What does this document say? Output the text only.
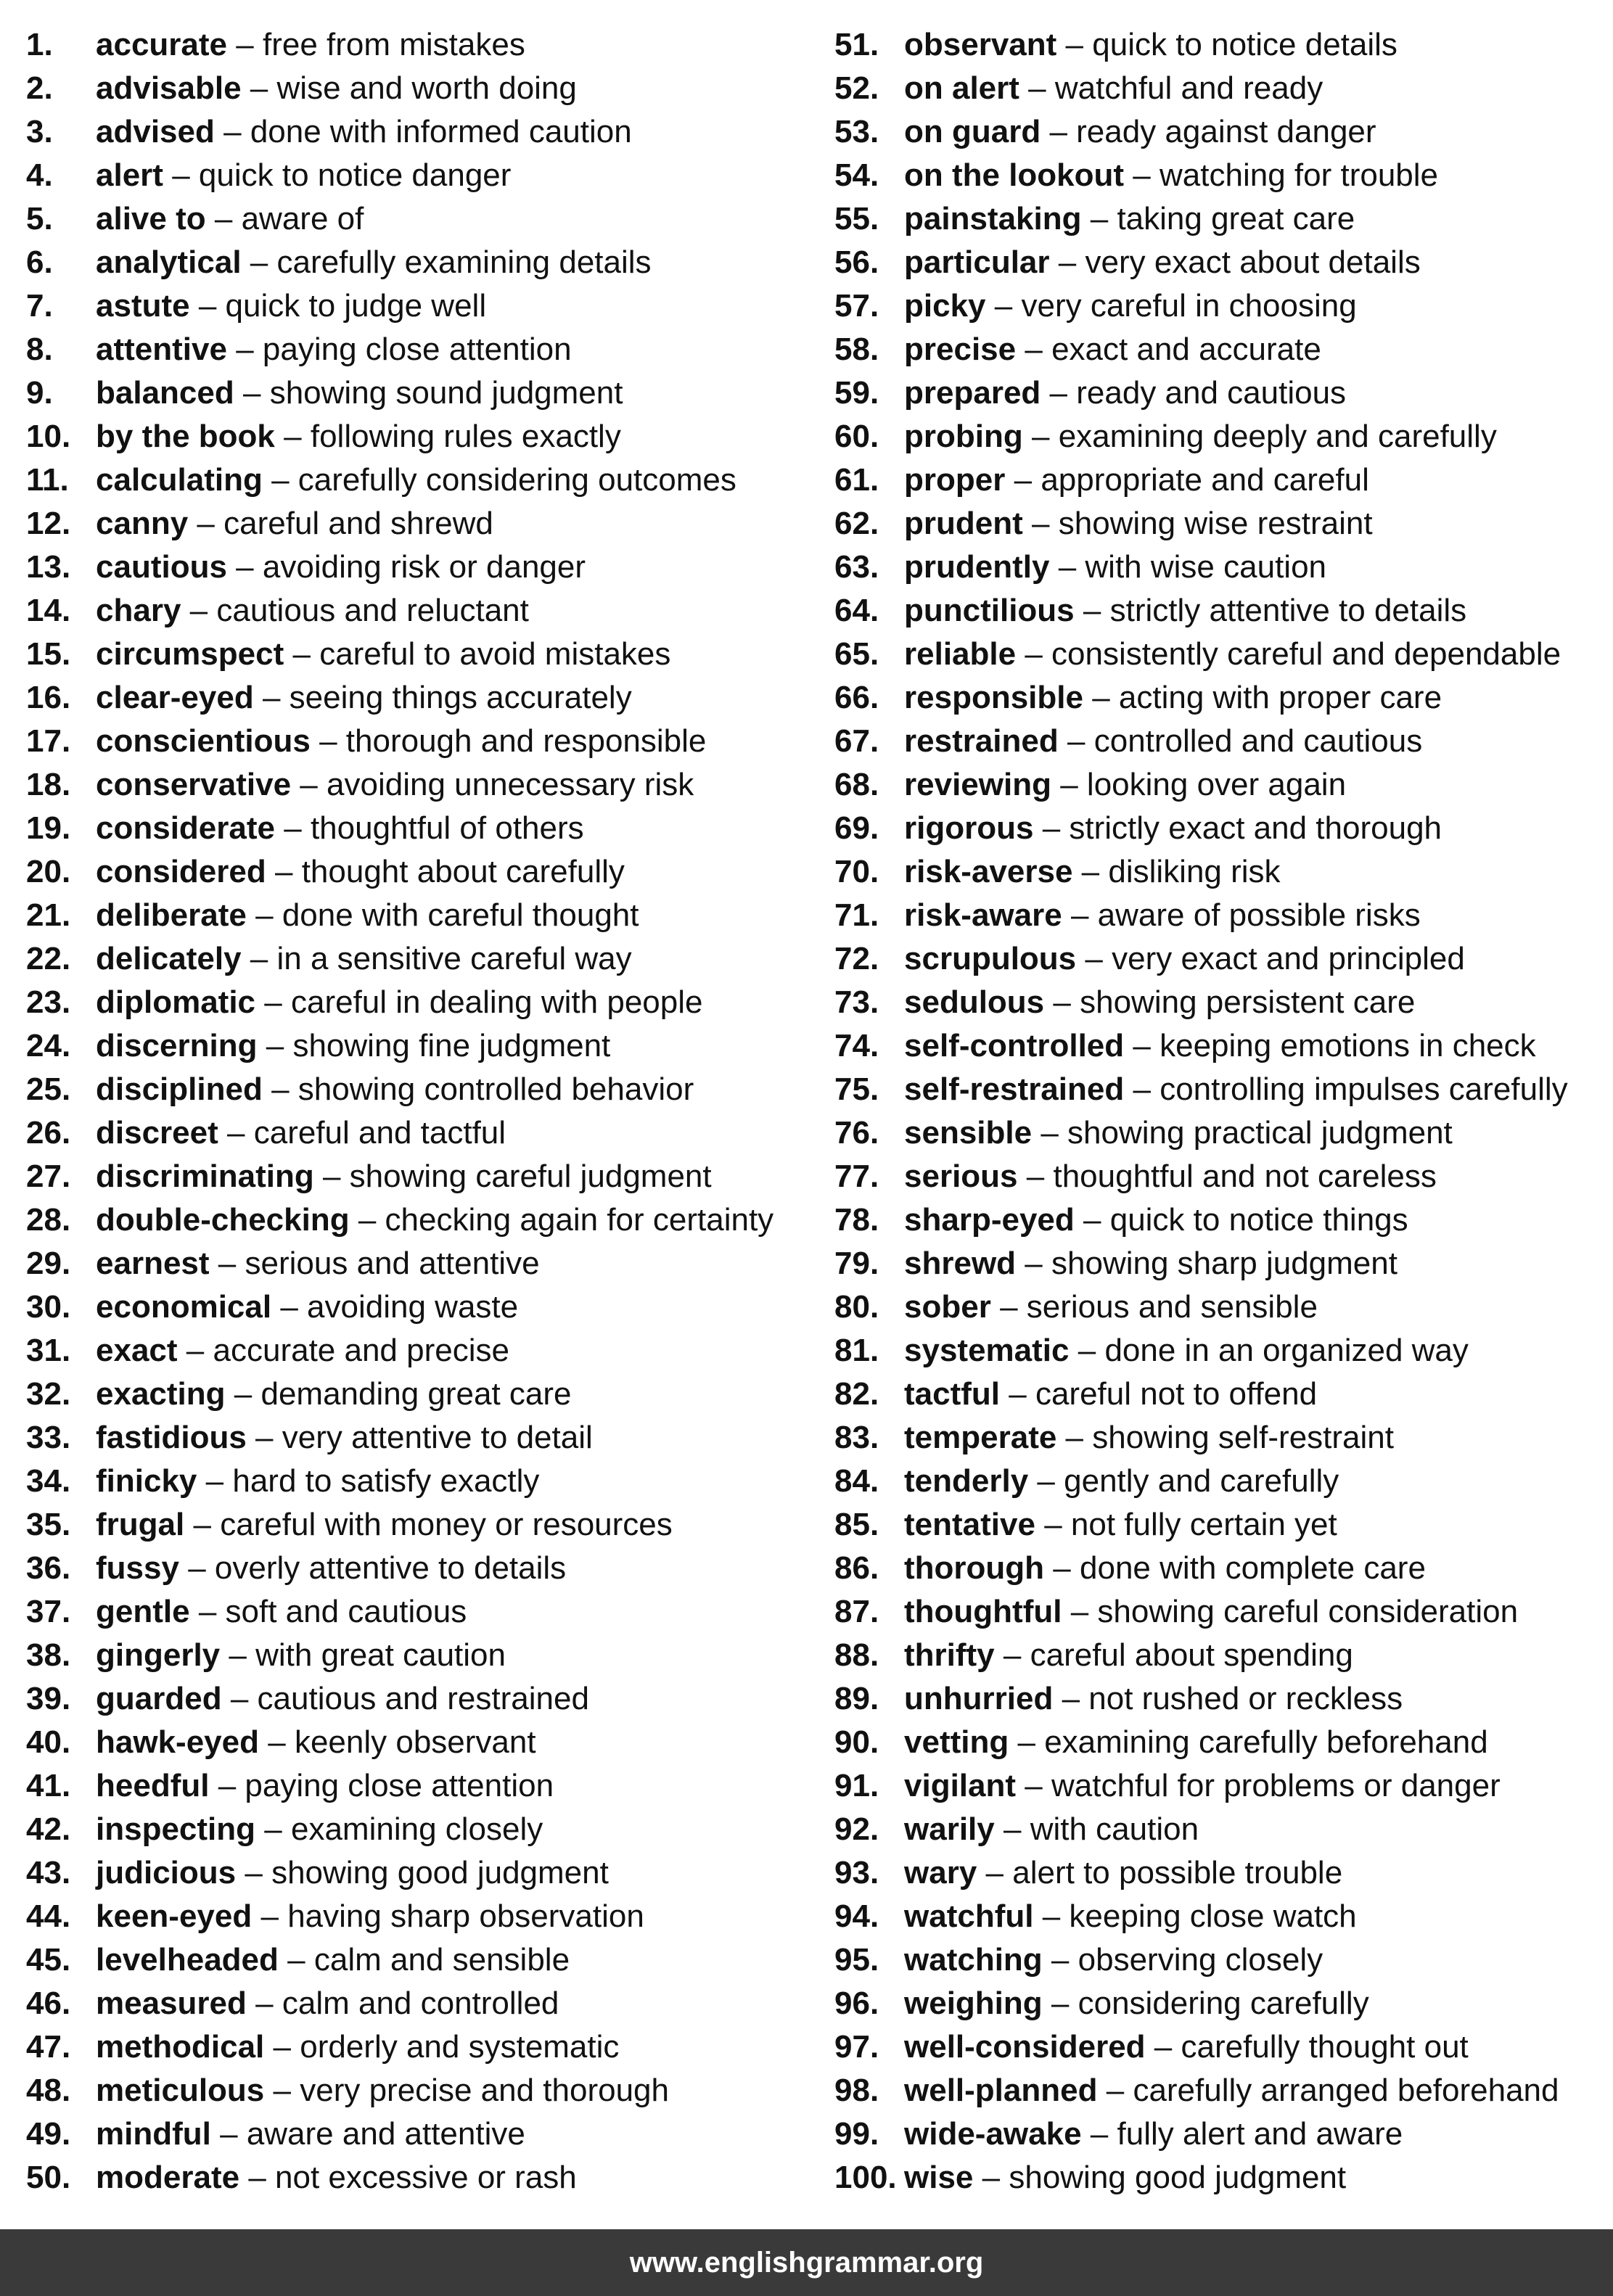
1. accurate – free from mistakes
2. advisable – wise and worth doing
3. advised – done with informed caution
4. alert – quick to notice danger
5. alive to – aware of
6. analytical – carefully examining details
7. astute – quick to judge well
8. attentive – paying close attention
9. balanced – showing sound judgment
10. by the book – following rules exactly
11. calculating – carefully considering outcomes
12. canny – careful and shrewd
13. cautious – avoiding risk or danger
14. chary – cautious and reluctant
15. circumspect – careful to avoid mistakes
16. clear-eyed – seeing things accurately
17. conscientious – thorough and responsible
18. conservative – avoiding unnecessary risk
19. considerate – thoughtful of others
20. considered – thought about carefully
21. deliberate – done with careful thought
22. delicately – in a sensitive careful way
23. diplomatic – careful in dealing with people
24. discerning – showing fine judgment
25. disciplined – showing controlled behavior
26. discreet – careful and tactful
27. discriminating – showing careful judgment
28. double-checking – checking again for certainty
29. earnest – serious and attentive
30. economical – avoiding waste
31. exact – accurate and precise
32. exacting – demanding great care
33. fastidious – very attentive to detail
34. finicky – hard to satisfy exactly
35. frugal – careful with money or resources
36. fussy – overly attentive to details
37. gentle – soft and cautious
38. gingerly – with great caution
39. guarded – cautious and restrained
40. hawk-eyed – keenly observant
41. heedful – paying close attention
42. inspecting – examining closely
43. judicious – showing good judgment
44. keen-eyed – having sharp observation
45. levelheaded – calm and sensible
46. measured – calm and controlled
47. methodical – orderly and systematic
48. meticulous – very precise and thorough
49. mindful – aware and attentive
50. moderate – not excessive or rash
51. observant – quick to notice details
52. on alert – watchful and ready
53. on guard – ready against danger
54. on the lookout – watching for trouble
55. painstaking – taking great care
56. particular – very exact about details
57. picky – very careful in choosing
58. precise – exact and accurate
59. prepared – ready and cautious
60. probing – examining deeply and carefully
61. proper – appropriate and careful
62. prudent – showing wise restraint
63. prudently – with wise caution
64. punctilious – strictly attentive to details
65. reliable – consistently careful and dependable
66. responsible – acting with proper care
67. restrained – controlled and cautious
68. reviewing – looking over again
69. rigorous – strictly exact and thorough
70. risk-averse – disliking risk
71. risk-aware – aware of possible risks
72. scrupulous – very exact and principled
73. sedulous – showing persistent care
74. self-controlled – keeping emotions in check
75. self-restrained – controlling impulses carefully
76. sensible – showing practical judgment
77. serious – thoughtful and not careless
78. sharp-eyed – quick to notice things
79. shrewd – showing sharp judgment
80. sober – serious and sensible
81. systematic – done in an organized way
82. tactful – careful not to offend
83. temperate – showing self-restraint
84. tenderly – gently and carefully
85. tentative – not fully certain yet
86. thorough – done with complete care
87. thoughtful – showing careful consideration
88. thrifty – careful about spending
89. unhurried – not rushed or reckless
90. vetting – examining carefully beforehand
91. vigilant – watchful for problems or danger
92. warily – with caution
93. wary – alert to possible trouble
94. watchful – keeping close watch
95. watching – observing closely
96. weighing – considering carefully
97. well-considered – carefully thought out
98. well-planned – carefully arranged beforehand
99. wide-awake – fully alert and aware
100. wise – showing good judgment
www.englishgrammar.org
